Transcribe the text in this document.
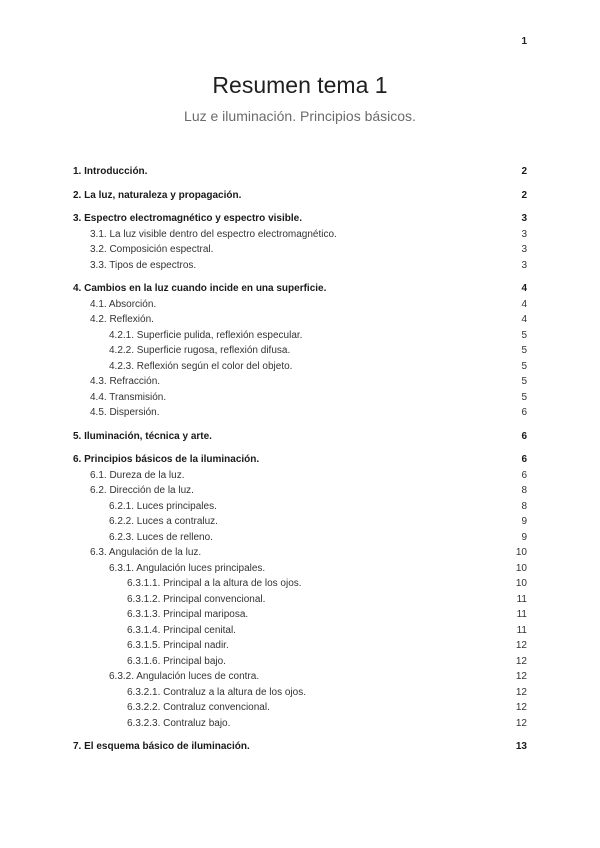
1
Resumen tema 1

Luz e iluminación. Principios básicos.

1. Introducción.	2
2. La luz, naturaleza y propagación.	2
3. Espectro electromagnético y espectro visible.	3
3.1. La luz visible dentro del espectro electromagnético.	3
3.2. Composición espectral.	3
3.3. Tipos de espectros.	3
4. Cambios en la luz cuando incide en una superficie.	4
4.1. Absorción.	4
4.2. Reflexión.	4
4.2.1. Superficie pulida, reflexión especular.	5
4.2.2. Superficie rugosa, reflexión difusa.	5
4.2.3. Reflexión según el color del objeto.	5
4.3. Refracción.	5
4.4. Transmisión.	5
4.5. Dispersión.	6
5. Iluminación, técnica y arte.	6
6. Principios básicos de la iluminación.	6
6.1. Dureza de la luz.	6
6.2. Dirección de la luz.	8
6.2.1. Luces principales.	8
6.2.2. Luces a contraluz.	9
6.2.3. Luces de relleno.	9
6.3. Angulación de la luz.	10
6.3.1. Angulación luces principales.	10
6.3.1.1. Principal a la altura de los ojos.	10
6.3.1.2. Principal convencional.	11
6.3.1.3. Principal mariposa.	11
6.3.1.4. Principal cenital.	11
6.3.1.5. Principal nadir.	12
6.3.1.6. Principal bajo.	12
6.3.2. Angulación luces de contra.	12
6.3.2.1. Contraluz a la altura de los ojos.	12
6.3.2.2. Contraluz convencional.	12
6.3.2.3. Contraluz bajo.	12
7. El esquema básico de iluminación.	13
